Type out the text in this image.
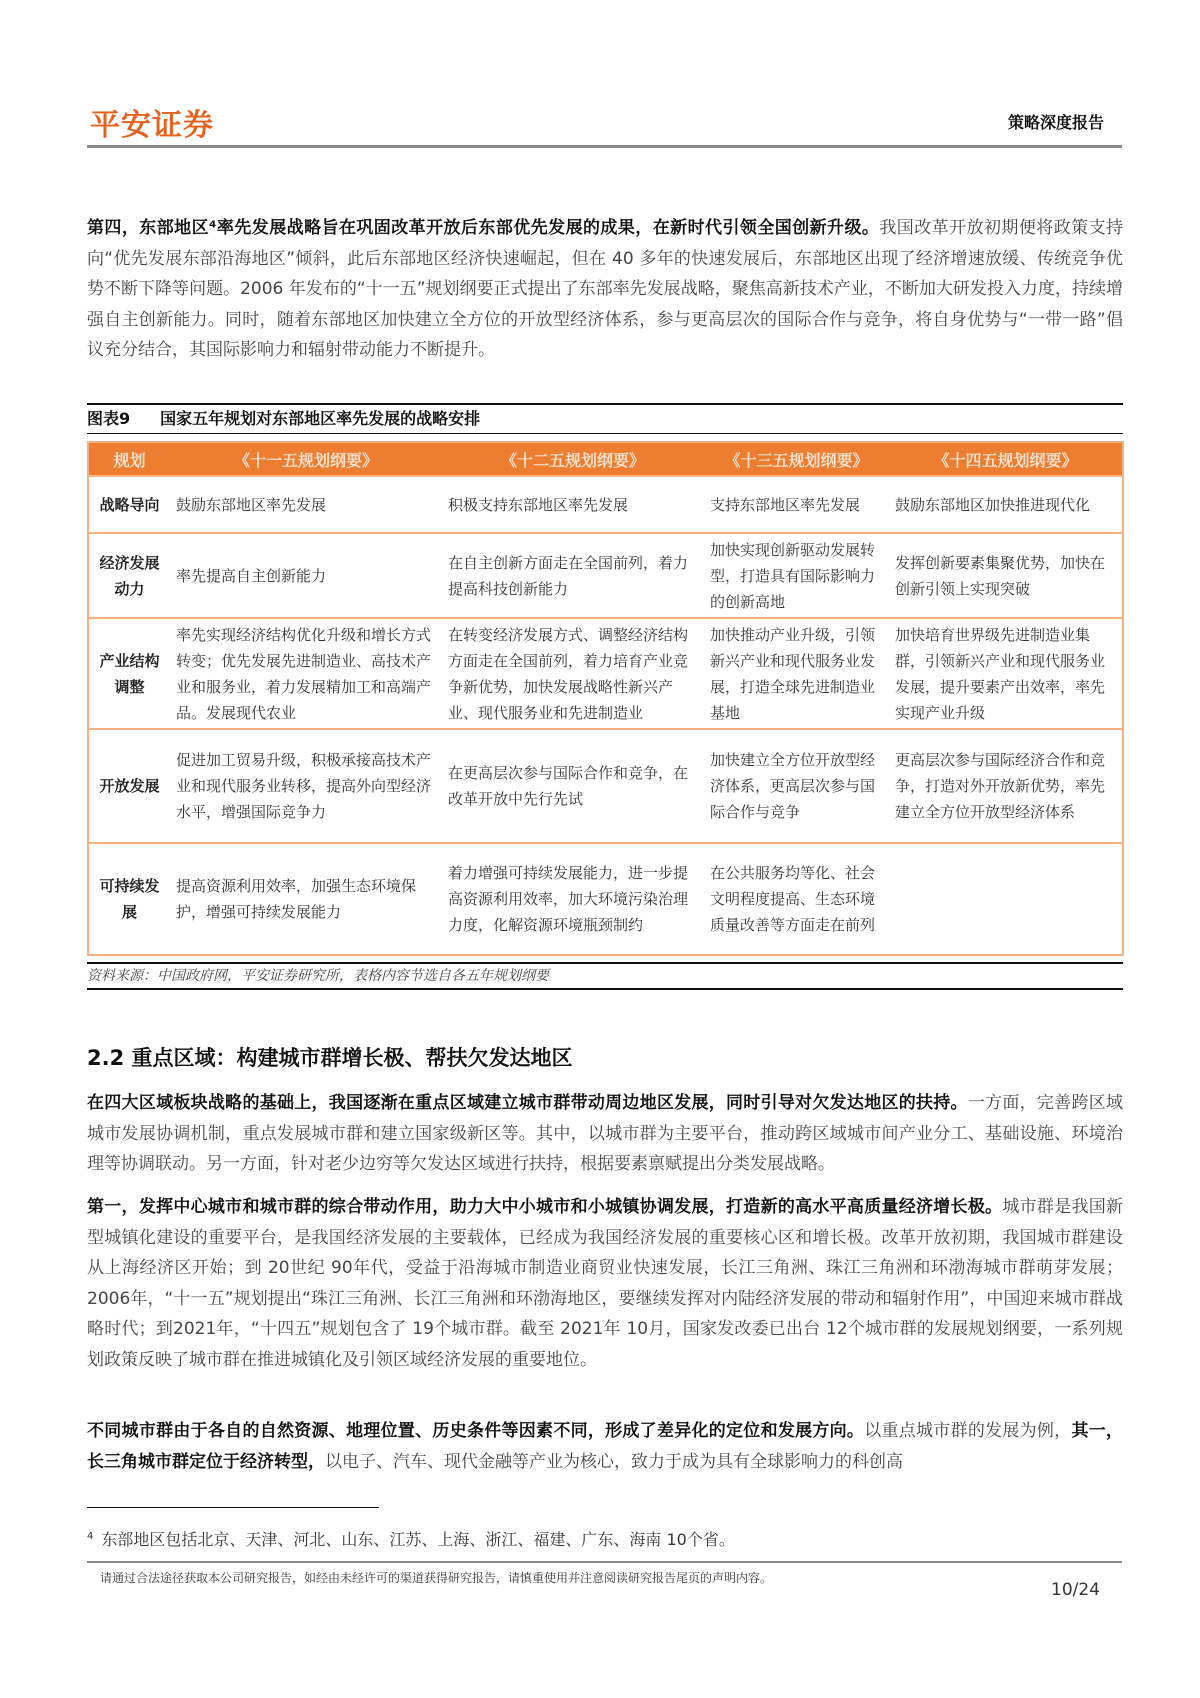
平安证券	策略深度报告

第四，东部地区⁴率先发展战略旨在巩固改革开放后东部优先发展的成果，在新时代引领全国创新升级。我国改革开放初期便将政策支持向“优先发展东部沿海地区”倾斜，此后东部地区经济快速崛起，但在 40 多年的快速发展后，东部地区出现了经济增速放缓、传统竞争优势不断下降等问题。2006 年发布的“十一五”规划纲要正式提出了东部率先发展战略，聚焦高新技术产业，不断加大研发投入力度，持续增强自主创新能力。同时，随着东部地区加快建立全方位的开放型经济体系，参与更高层次的国际合作与竞争，将自身优势与“一带一路”倡议充分结合，其国际影响力和辐射带动能力不断提升。

图表9 国家五年规划对东部地区率先发展的战略安排
规划	《十一五规划纲要》	《十二五规划纲要》	《十三五规划纲要》	《十四五规划纲要》
战略导向	鼓励东部地区率先发展	积极支持东部地区率先发展	支持东部地区率先发展	鼓励东部地区加快推进现代化
经济发展动力	率先提高自主创新能力	在自主创新方面走在全国前列，着力提高科技创新能力	加快实现创新驱动发展转型，打造具有国际影响力的创新高地	发挥创新要素集聚优势，加快在创新引领上实现突破
产业结构调整	率先实现经济结构优化升级和增长方式转变；优先发展先进制造业、高技术产业和服务业，着力发展精加工和高端产品。发展现代农业	在转变经济发展方式、调整经济结构方面走在全国前列，着力培育产业竞争新优势，加快发展战略性新兴产业、现代服务业和先进制造业	加快推动产业升级，引领新兴产业和现代服务业发展，打造全球先进制造业基地	加快培育世界级先进制造业集群，引领新兴产业和现代服务业发展，提升要素产出效率，率先实现产业升级
开放发展	促进加工贸易升级，积极承接高技术产业和现代服务业转移，提高外向型经济水平，增强国际竞争力	在更高层次参与国际合作和竞争，在改革开放中先行先试	加快建立全方位开放型经济体系，更高层次参与国际合作与竞争	更高层次参与国际经济合作和竞争，打造对外开放新优势，率先建立全方位开放型经济体系
可持续发展	提高资源利用效率，加强生态环境保护，增强可持续发展能力	着力增强可持续发展能力，进一步提高资源利用效率，加大环境污染治理力度，化解资源环境瓶颈制约	在公共服务均等化、社会文明程度提高、生态环境质量改善等方面走在前列	
资料来源：中国政府网，平安证券研究所，表格内容节选自各五年规划纲要
2.2 重点区域：构建城市群增长极、帮扶欠发达地区

在四大区域板块战略的基础上，我国逐渐在重点区域建立城市群带动周边地区发展，同时引导对欠发达地区的扶持。一方面，完善跨区域城市发展协调机制，重点发展城市群和建立国家级新区等。其中，以城市群为主要平台，推动跨区域城市间产业分工、基础设施、环境治理等协调联动。另一方面，针对老少边穷等欠发达区域进行扶持，根据要素禀赋提出分类发展战略。

第一，发挥中心城市和城市群的综合带动作用，助力大中小城市和小城镇协调发展，打造新的高水平高质量经济增长极。城市群是我国新型城镇化建设的重要平台，是我国经济发展的主要载体，已经成为我国经济发展的重要核心区和增长极。改革开放初期，我国城市群建设从上海经济区开始；到 20世纪 90年代，受益于沿海城市制造业商贸业快速发展，长江三角洲、珠江三角洲和环渤海城市群萌芽发展；2006年，“十一五”规划提出“珠江三角洲、长江三角洲和环渤海地区，要继续发挥对内陆经济发展的带动和辐射作用”，中国迎来城市群战略时代；到2021年，“十四五”规划包含了 19个城市群。截至 2021年 10月，国家发改委已出台 12个城市群的发展规划纲要，一系列规划政策反映了城市群在推进城镇化及引领区域经济发展的重要地位。

不同城市群由于各自的自然资源、地理位置、历史条件等因素不同，形成了差异化的定位和发展方向。以重点城市群的发展为例，其一，长三角城市群定位于经济转型，以电子、汽车、现代金融等产业为核心，致力于成为具有全球影响力的科创高

$^4$ 东部地区包括北京、天津、河北、山东、江苏、上海、浙江、福建、广东、海南 10个省。
请通过合法途径获取本公司研究报告，如经由未经许可的渠道获得研究报告，请慎重使用并注意阅读研究报告尾页的声明内容。
10/24
